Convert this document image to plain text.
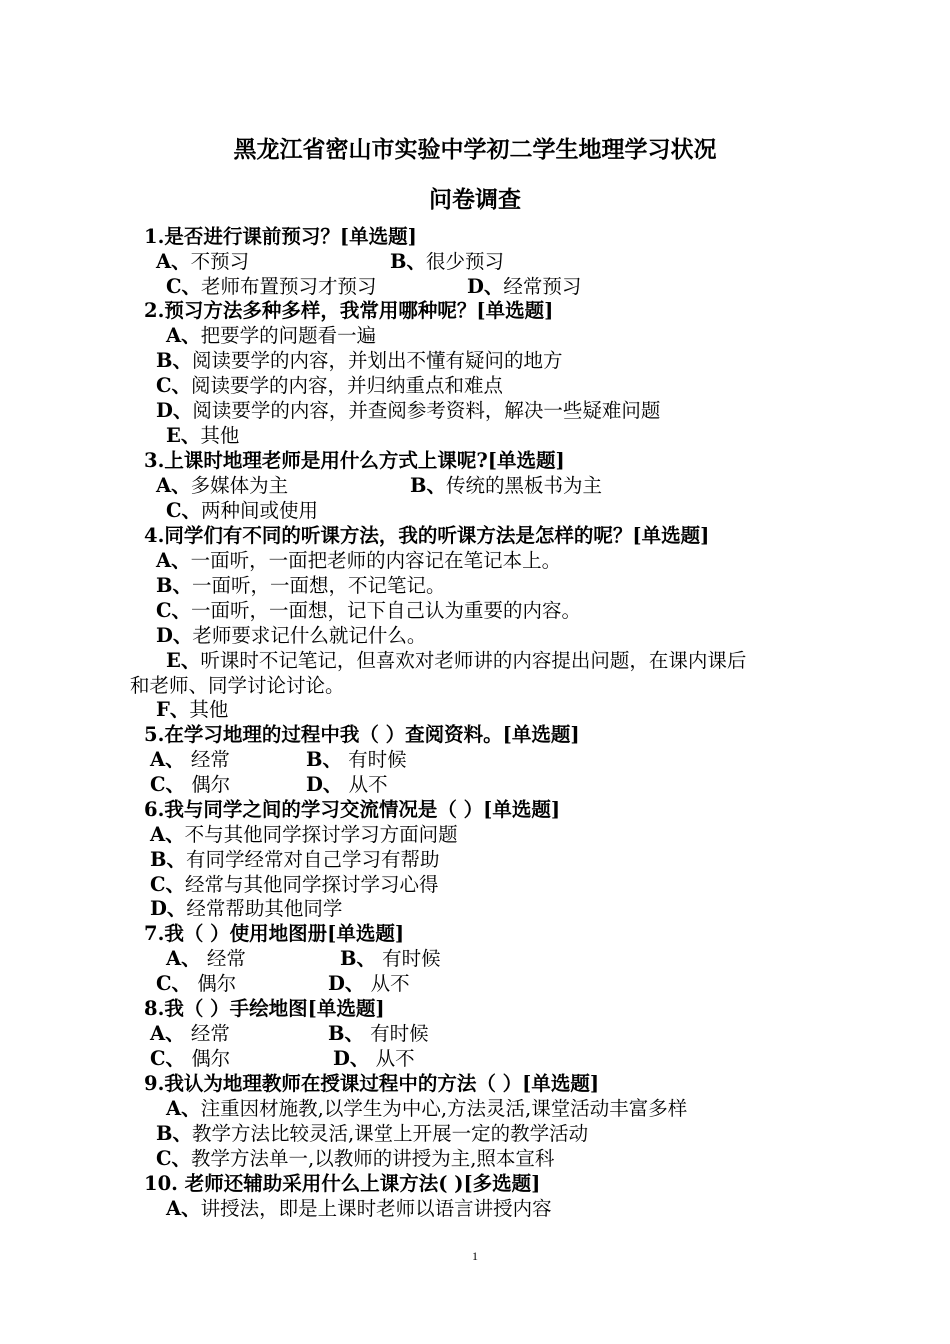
黑龙江省密山市实验中学初二学生地理学习状况
问卷调查
1.是否进行课前预习？[单选题]
A、不预习	B、很少预习
C、老师布置预习才预习	D、经常预习
2.预习方法多种多样，我常用哪种呢？[单选题]
A、把要学的问题看一遍
B、阅读要学的内容，并划出不懂有疑问的地方
C、阅读要学的内容，并归纳重点和难点
D、阅读要学的内容，并查阅参考资料，解决一些疑难问题
E、其他
3.上课时地理老师是用什么方式上课呢?[单选题]
A、多媒体为主	B、传统的黑板书为主
C、两种间或使用
4.同学们有不同的听课方法，我的听课方法是怎样的呢？[单选题]
A、一面听，一面把老师的内容记在笔记本上。
B、一面听，一面想，不记笔记。
C、一面听，一面想，记下自己认为重要的内容。
D、老师要求记什么就记什么。
E、听课时不记笔记，但喜欢对老师讲的内容提出问题，在课内课后
和老师、同学讨论讨论。
F、其他
5.在学习地理的过程中我（ ）查阅资料。[单选题]
A、 经常	B、 有时候
C、 偶尔	D、 从不
6.我与同学之间的学习交流情况是（ ）[单选题]
A、不与其他同学探讨学习方面问题
B、有同学经常对自己学习有帮助
C、经常与其他同学探讨学习心得
D、经常帮助其他同学
7.我（ ）使用地图册[单选题]
A、 经常	B、 有时候
C、 偶尔	D、 从不
8.我（ ）手绘地图[单选题]
A、 经常	B、 有时候
C、 偶尔	D、 从不
9.我认为地理教师在授课过程中的方法（ ）[单选题]
A、注重因材施教,以学生为中心,方法灵活,课堂活动丰富多样
B、教学方法比较灵活,课堂上开展一定的教学活动
C、教学方法单一,以教师的讲授为主,照本宣科
10. 老师还辅助采用什么上课方法( )[多选题]
A、讲授法，即是上课时老师以语言讲授内容
1
